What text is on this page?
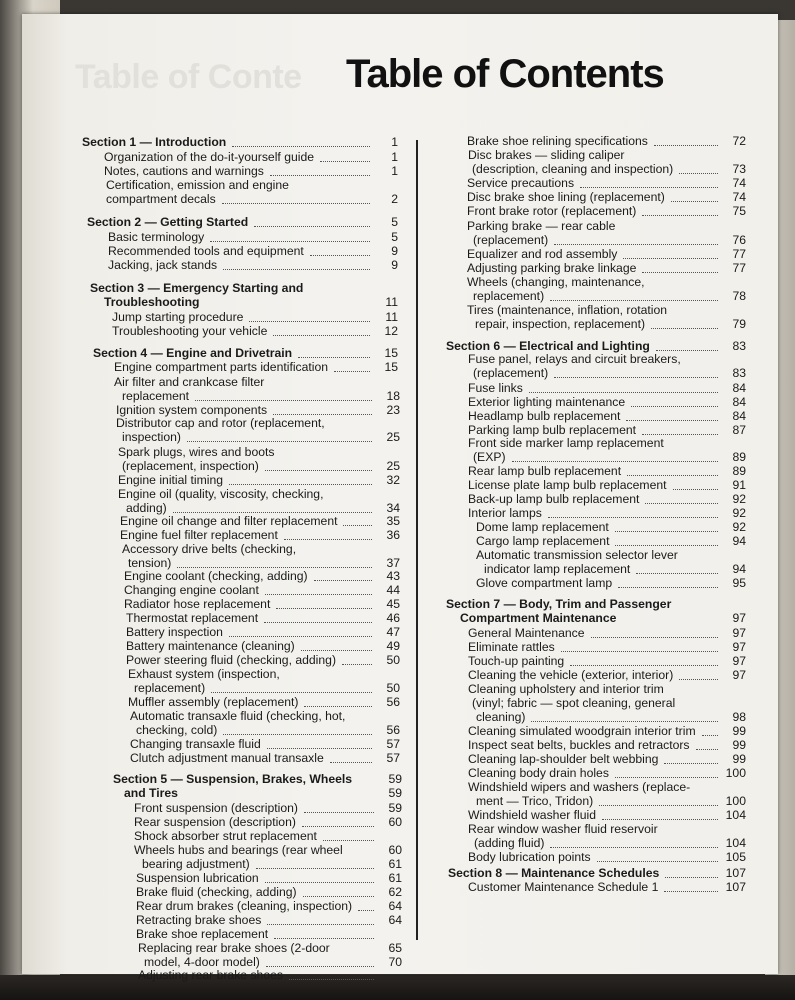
Table of Conte Table of Contents
Section 1 — Introduction	1
Organization of the do-it-yourself guide	1
Notes, cautions and warnings	1
Certification, emission and engine
compartment decals	2
Section 2 — Getting Started	5
Basic terminology	5
Recommended tools and equipment	9
Jacking, jack stands	9
Section 3 — Emergency Starting and
Troubleshooting	11
Jump starting procedure	11
Troubleshooting your vehicle	12
Section 4 — Engine and Drivetrain	15
Engine compartment parts identification	15
Air filter and crankcase filter
replacement	18
Ignition system components	23
Distributor cap and rotor (replacement,
inspection)	25
Spark plugs, wires and boots
(replacement, inspection)	25
Engine initial timing	32
Engine oil (quality, viscosity, checking,
adding)	34
Engine oil change and filter replacement	35
Engine fuel filter replacement	36
Accessory drive belts (checking,
tension)	37
Engine coolant (checking, adding)	43
Changing engine coolant	44
Radiator hose replacement	45
Thermostat replacement	46
Battery inspection	47
Battery maintenance (cleaning)	49
Power steering fluid (checking, adding)	50
Exhaust system (inspection,
replacement)	50
Muffler assembly (replacement)	56
Automatic transaxle fluid (checking, hot,
checking, cold)	56
Changing transaxle fluid	57
Clutch adjustment manual transaxle	57
Section 5 — Suspension, Brakes, Wheels	59
and Tires	59
Front suspension (description)	59
Rear suspension (description)	60
Shock absorber strut replacement
Wheels hubs and bearings (rear wheel	60
bearing adjustment)	61
Suspension lubrication	61
Brake fluid (checking, adding)	62
Rear drum brakes (cleaning, inspection)	64
Retracting brake shoes	64
Brake shoe replacement
Replacing rear brake shoes (2-door	65
model, 4-door model)	70
Adjusting rear brake shoes
Brake shoe relining specifications	72
Disc brakes — sliding caliper
(description, cleaning and inspection)	73
Service precautions	74
Disc brake shoe lining (replacement)	74
Front brake rotor (replacement)	75
Parking brake — rear cable
(replacement)	76
Equalizer and rod assembly	77
Adjusting parking brake linkage	77
Wheels (changing, maintenance,
replacement)	78
Tires (maintenance, inflation, rotation
repair, inspection, replacement)	79
Section 6 — Electrical and Lighting	83
Fuse panel, relays and circuit breakers,
(replacement)	83
Fuse links	84
Exterior lighting maintenance	84
Headlamp bulb replacement	84
Parking lamp bulb replacement	87
Front side marker lamp replacement
(EXP)	89
Rear lamp bulb replacement	89
License plate lamp bulb replacement	91
Back-up lamp bulb replacement	92
Interior lamps	92
Dome lamp replacement	92
Cargo lamp replacement	94
Automatic transmission selector lever
indicator lamp replacement	94
Glove compartment lamp	95
Section 7 — Body, Trim and Passenger
Compartment Maintenance	97
General Maintenance	97
Eliminate rattles	97
Touch-up painting	97
Cleaning the vehicle (exterior, interior)	97
Cleaning upholstery and interior trim
(vinyl; fabric — spot cleaning, general
cleaning)	98
Cleaning simulated woodgrain interior trim	99
Inspect seat belts, buckles and retractors	99
Cleaning lap-shoulder belt webbing	99
Cleaning body drain holes	100
Windshield wipers and washers (replace-
ment — Trico, Tridon)	100
Windshield washer fluid	104
Rear window washer fluid reservoir
(adding fluid)	104
Body lubrication points	105
Section 8 — Maintenance Schedules	107
Customer Maintenance Schedule 1	107
